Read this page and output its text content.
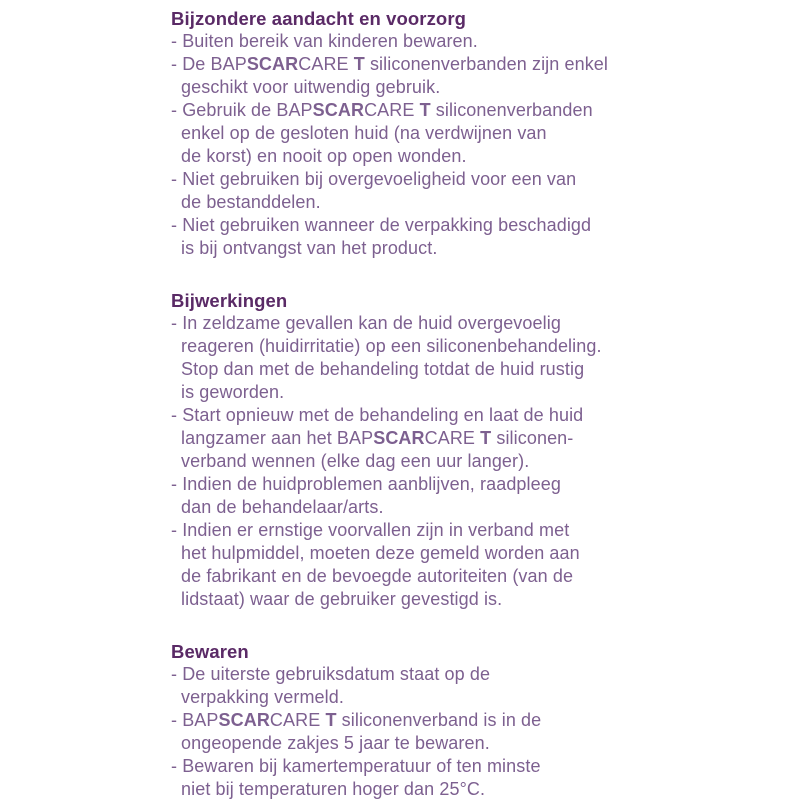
Bijzondere aandacht en voorzorg
- Buiten bereik van kinderen bewaren.
- De BAPSCARCARE T siliconenverbanden zijn enkel
geschikt voor uitwendig gebruik.
- Gebruik de BAPSCARCARE T siliconenverbanden
enkel op de gesloten huid (na verdwijnen van
de korst) en nooit op open wonden.
- Niet gebruiken bij overgevoeligheid voor een van
de bestanddelen.
- Niet gebruiken wanneer de verpakking beschadigd
is bij ontvangst van het product.
Bijwerkingen
- In zeldzame gevallen kan de huid overgevoelig
reageren (huidirritatie) op een siliconenbehandeling.
Stop dan met de behandeling totdat de huid rustig
is geworden.
- Start opnieuw met de behandeling en laat de huid
langzamer aan het BAPSCARCARE T siliconen-
verband wennen (elke dag een uur langer).
- Indien de huidproblemen aanblijven, raadpleeg
dan de behandelaar/arts.
- Indien er ernstige voorvallen zijn in verband met
het hulpmiddel, moeten deze gemeld worden aan
de fabrikant en de bevoegde autoriteiten (van de
lidstaat) waar de gebruiker gevestigd is.
Bewaren
- De uiterste gebruiksdatum staat op de
verpakking vermeld.
- BAPSCARCARE T siliconenverband is in de
ongeopende zakjes 5 jaar te bewaren.
- Bewaren bij kamertemperatuur of ten minste
niet bij temperaturen hoger dan 25°C.
